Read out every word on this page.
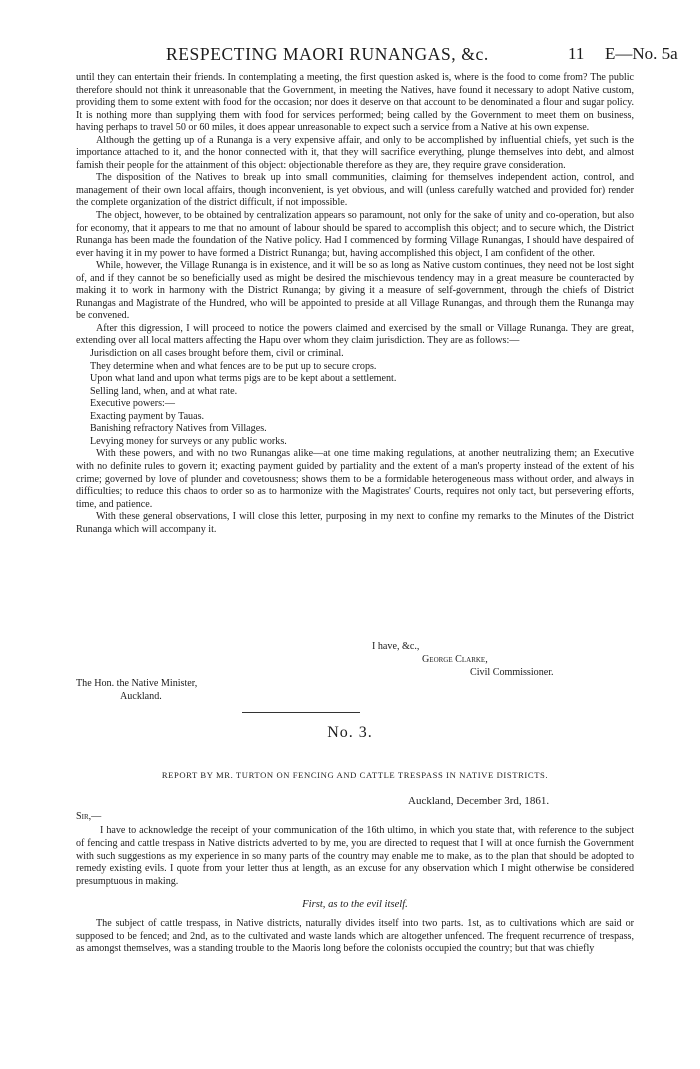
RESPECTING MAORI RUNANGAS, &c.	11 E—No. 5a

until they can entertain their friends. In contemplating a meeting, the first question asked is, where is the food to come from? The public therefore should not think it unreasonable that the Government, in meeting the Natives, have found it necessary to adopt Native custom, providing them to some extent with food for the occasion; nor does it deserve on that account to be denominated a flour and sugar policy. It is nothing more than supplying them with food for services performed; being called by the Government to meet them on business, having perhaps to travel 50 or 60 miles, it does appear unreasonable to expect such a service from a Native at his own expense.

Although the getting up of a Runanga is a very expensive affair, and only to be accomplished by influential chiefs, yet such is the importance attached to it, and the honor connected with it, that they will sacrifice everything, plunge themselves into debt, and almost famish their people for the attainment of this object: objectionable therefore as they are, they require grave consideration.

The disposition of the Natives to break up into small communities, claiming for themselves independent action, control, and management of their own local affairs, though inconvenient, is yet obvious, and will (unless carefully watched and provided for) render the complete organization of the district difficult, if not impossible.

The object, however, to be obtained by centralization appears so paramount, not only for the sake of unity and co-operation, but also for economy, that it appears to me that no amount of labour should be spared to accomplish this object; and to secure which, the District Runanga has been made the foundation of the Native policy. Had I commenced by forming Village Runangas, I should have despaired of ever having it in my power to have formed a District Runanga; but, having accomplished this object, I am confident of the other.

While, however, the Village Runanga is in existence, and it will be so as long as Native custom continues, they need not be lost sight of, and if they cannot be so beneficially used as might be desired the mischievous tendency may in a great measure be counteracted by making it to work in harmony with the District Runanga; by giving it a measure of self-government, through the chiefs of District Runangas and Magistrate of the Hundred, who will be appointed to preside at all Village Runangas, and through them the Runanga may be convened.

After this digression, I will proceed to notice the powers claimed and exercised by the small or Village Runanga. They are great, extending over all local matters affecting the Hapu over whom they claim jurisdiction. They are as follows:—

Jurisdiction on all cases brought before them, civil or criminal.
They determine when and what fences are to be put up to secure crops.
Upon what land and upon what terms pigs are to be kept about a settlement.
Selling land, when, and at what rate.
Executive powers:—
Exacting payment by Tauas.
Banishing refractory Natives from Villages.
Levying money for surveys or any public works.

With these powers, and with no two Runangas alike—at one time making regulations, at another neutralizing them; an Executive with no definite rules to govern it; exacting payment guided by partiality and the extent of a man's property instead of the extent of his crime; governed by love of plunder and covetousness; shows them to be a formidable heterogeneous mass without order, and always in difficulties; to reduce this chaos to order so as to harmonize with the Magistrates' Courts, requires not only tact, but persevering efforts, time, and patience.

With these general observations, I will close this letter, purposing in my next to confine my remarks to the Minutes of the District Runanga which will accompany it.

I have, &c.,
George Clarke,
Civil Commissioner.
The Hon. the Native Minister,
Auckland.
No. 3.
REPORT BY MR. TURTON ON FENCING AND CATTLE TRESPASS IN NATIVE DISTRICTS.
Auckland, December 3rd, 1861.
Sir,—

I have to acknowledge the receipt of your communication of the 16th ultimo, in which you state that, with reference to the subject of fencing and cattle trespass in Native districts adverted to by me, you are directed to request that I will at once furnish the Government with such suggestions as my experience in so many parts of the country may enable me to make, as to the plan that should be adopted to remedy existing evils. I quote from your letter thus at length, as an excuse for any observation which I might otherwise be considered presumptuous in making.

First, as to the evil itself.

The subject of cattle trespass, in Native districts, naturally divides itself into two parts. 1st, as to cultivations which are said or supposed to be fenced; and 2nd, as to the cultivated and waste lands which are altogether unfenced. The frequent recurrence of trespass, as amongst themselves, was a standing trouble to the Maoris long before the colonists occupied the country; but that was chiefly
